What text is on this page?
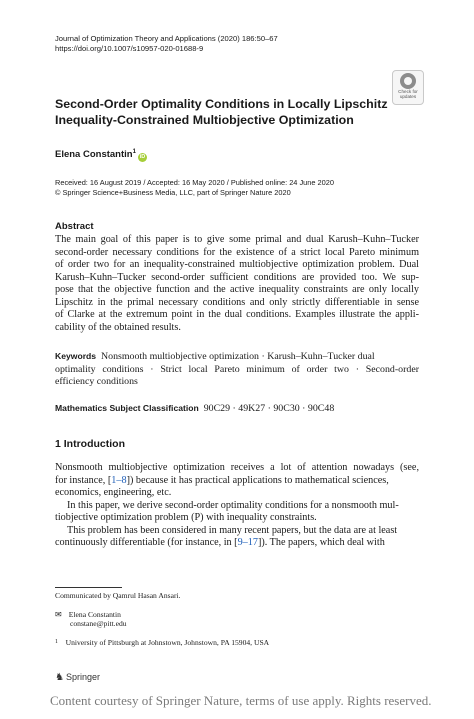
Journal of Optimization Theory and Applications (2020) 186:50–67
https://doi.org/10.1007/s10957-020-01688-9
Check for
updates
Second-Order Optimality Conditions in Locally Lipschitz
Inequality-Constrained Multiobjective Optimization
Elena Constantin$^1$iD
Received: 16 August 2019 / Accepted: 16 May 2020 / Published online: 24 June 2020
© Springer Science+Business Media, LLC, part of Springer Nature 2020
Abstract
The main goal of this paper is to give some primal and dual Karush–Kuhn–Tucker
second-order necessary conditions for the existence of a strict local Pareto minimum
of order two for an inequality-constrained multiobjective optimization problem. Dual
Karush–Kuhn–Tucker second-order sufficient conditions are provided too. We sup-
pose that the objective function and the active inequality constraints are only locally
Lipschitz in the primal necessary conditions and only strictly differentiable in sense
of Clarke at the extremum point in the dual conditions. Examples illustrate the appli-
cability of the obtained results.
Keywords Nonsmooth multiobjective optimization · Karush–Kuhn–Tucker dual
optimality conditions · Strict local Pareto minimum of order two · Second-order
efficiency conditions
Mathematics Subject Classification 90C29 · 49K27 · 90C30 · 90C48
1 Introduction
Nonsmooth multiobjective optimization receives a lot of attention nowadays (see,
for instance, [1–8]) because it has practical applications to mathematical sciences,
economics, engineering, etc.
In this paper, we derive second-order optimality conditions for a nonsmooth mul-
tiobjective optimization problem (P) with inequality constraints.
This problem has been considered in many recent papers, but the data are at least
continuously differentiable (for instance, in [9–17]). The papers, which deal with
Communicated by Qamrul Hasan Ansari.
✉ Elena Constantin
constane@pitt.edu
$^1$ University of Pittsburgh at Johnstown, Johnstown, PA 15904, USA
♞ Springer
Content courtesy of Springer Nature, terms of use apply. Rights reserved.
